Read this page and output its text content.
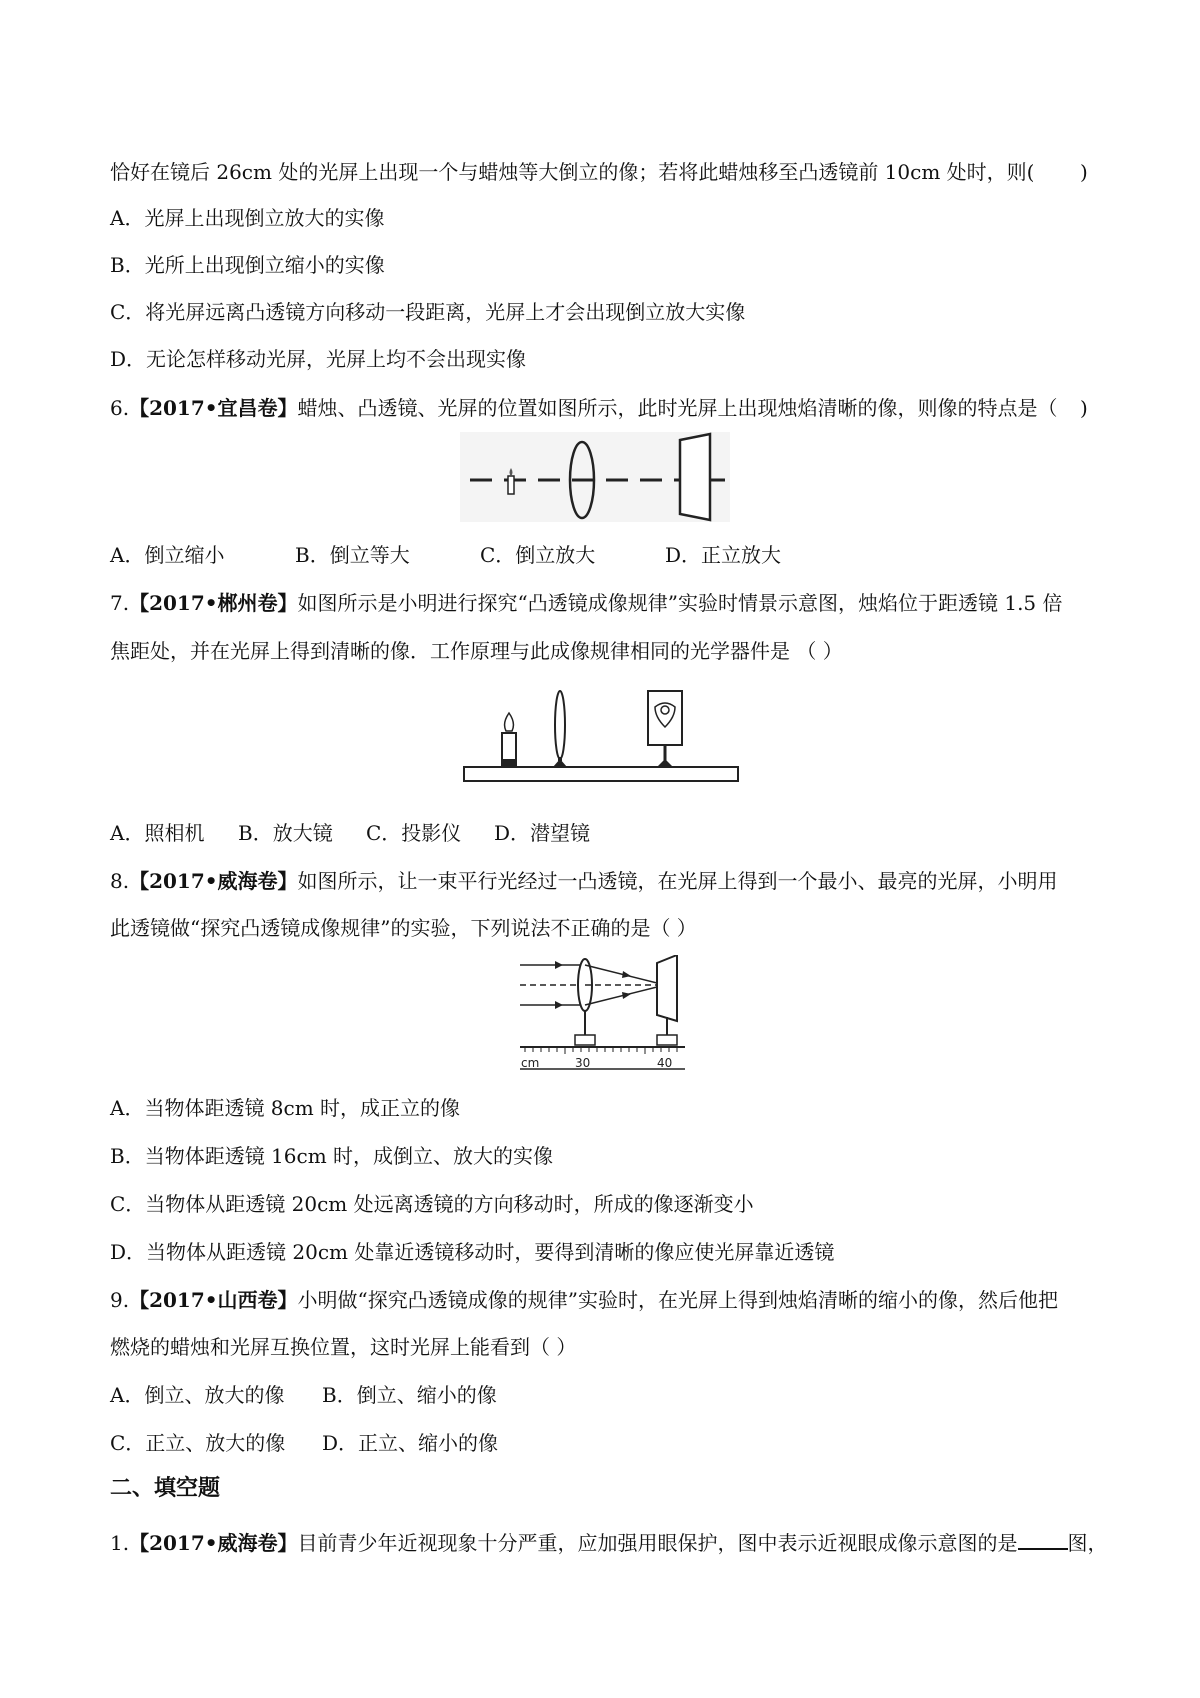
恰好在镜后 26cm 处的光屏上出现一个与蜡烛等大倒立的像；若将此蜡烛移至凸透镜前 10cm 处时，则( )
A．光屏上出现倒立放大的实像
B．光所上出现倒立缩小的实像
C．将光屏远离凸透镜方向移动一段距离，光屏上才会出现倒立放大实像
D．无论怎样移动光屏，光屏上均不会出现实像
6.【2017•宜昌卷】蜡烛、凸透镜、光屏的位置如图所示，此时光屏上出现烛焰清晰的像，则像的特点是（ )
A．倒立缩小	B．倒立等大	C．倒立放大	D．正立放大
7.【2017•郴州卷】如图所示是小明进行探究“凸透镜成像规律”实验时情景示意图，烛焰位于距透镜 1.5 倍
焦距处，并在光屏上得到清晰的像．工作原理与此成像规律相同的光学器件是 （ ）
A．照相机 B．放大镜 C．投影仪 D．潜望镜
8.【2017•威海卷】如图所示，让一束平行光经过一凸透镜，在光屏上得到一个最小、最亮的光屏，小明用
此透镜做“探究凸透镜成像规律”的实验，下列说法不正确的是（ ）
cm	30	40
A．当物体距透镜 8cm 时，成正立的像
B．当物体距透镜 16cm 时，成倒立、放大的实像
C．当物体从距透镜 20cm 处远离透镜的方向移动时，所成的像逐渐变小
D．当物体从距透镜 20cm 处靠近透镜移动时，要得到清晰的像应使光屏靠近透镜
9.【2017•山西卷】小明做“探究凸透镜成像的规律”实验时，在光屏上得到烛焰清晰的缩小的像，然后他把
燃烧的蜡烛和光屏互换位置，这时光屏上能看到（ ）
A．倒立、放大的像 B．倒立、缩小的像
C．正立、放大的像 D．正立、缩小的像
二、填空题
1.【2017•威海卷】目前青少年近视现象十分严重，应加强用眼保护，图中表示近视眼成像示意图的是	图，
